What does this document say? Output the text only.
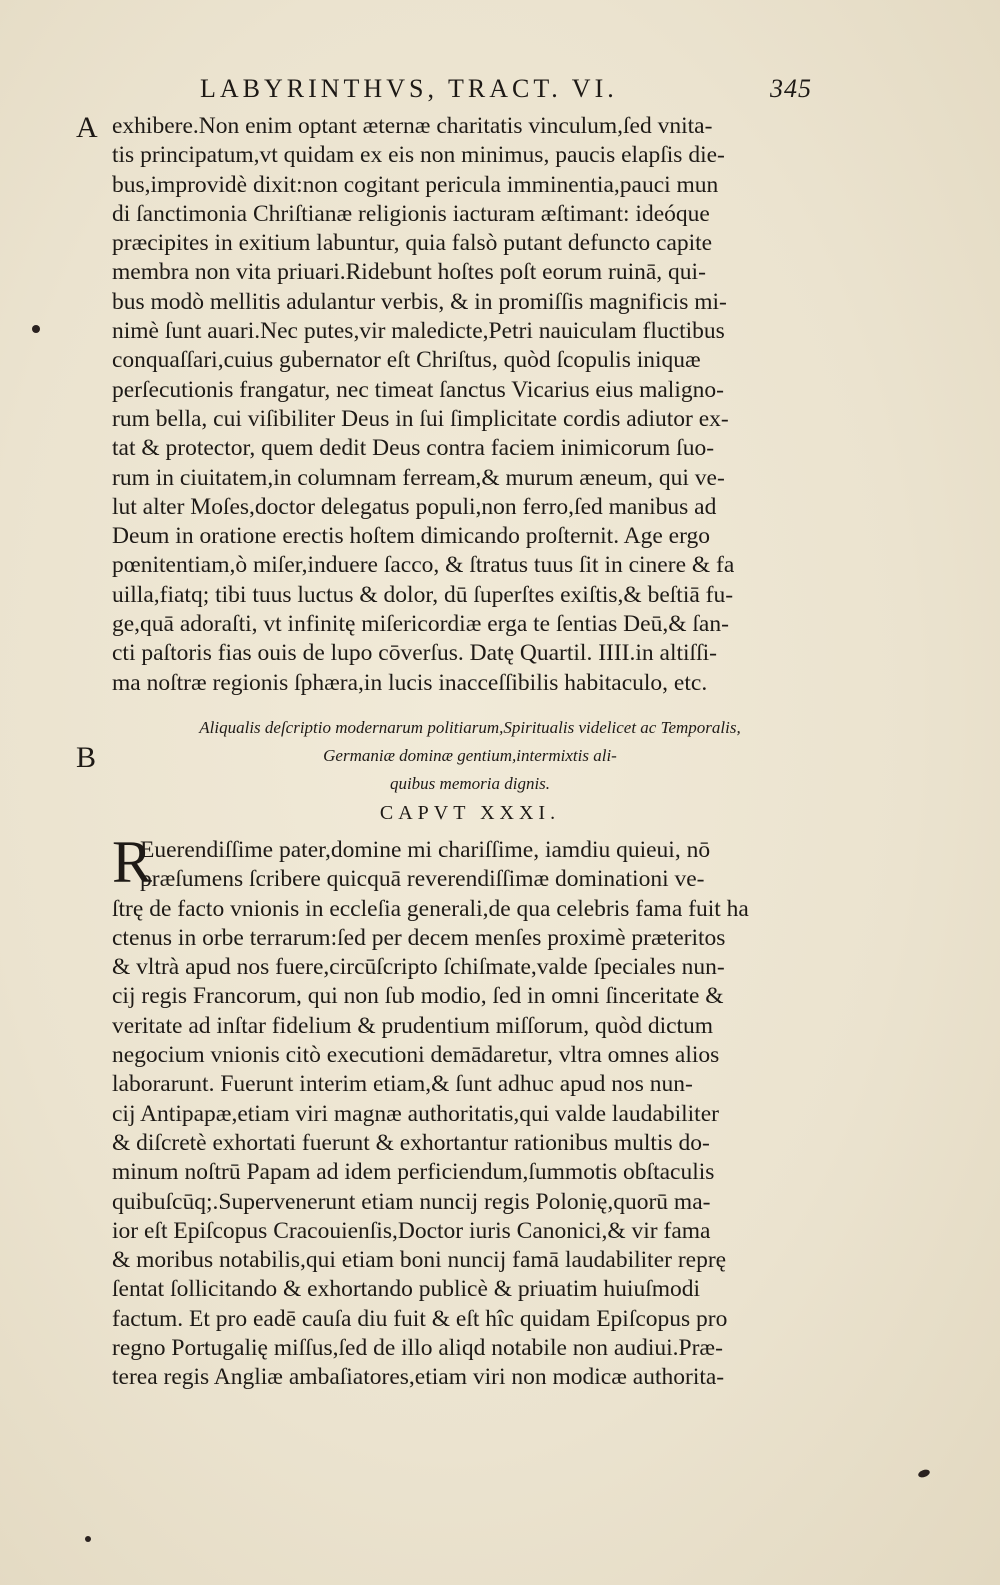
LABYRINTHVS, TRACT. VI.	345
A exhibere.Non enim optant æternæ charitatis vinculum,ſed vnita-
tis principatum,vt quidam ex eis non minimus, paucis elapſis die-
bus,improvidè dixit:non cogitant pericula imminentia,pauci mun
di ſanctimonia Chriſtianæ religionis iacturam æſtimant: ideóque
præcipites in exitium labuntur, quia falsò putant defuncto capite
membra non vita priuari.Ridebunt hoſtes poſt eorum ruinā, qui-
bus modò mellitis adulantur verbis, & in promiſſis magnificis mi-
nimè ſunt auari.Nec putes,vir maledicte,Petri nauiculam fluctibus
conquaſſari,cuius gubernator eſt Chriſtus, quòd ſcopulis iniquæ
perſecutionis frangatur, nec timeat ſanctus Vicarius eius maligno-
rum bella, cui viſibiliter Deus in ſui ſimplicitate cordis adiutor ex-
tat & protector, quem dedit Deus contra faciem inimicorum ſuo-
rum in ciuitatem,in columnam ferream,& murum æneum, qui ve-
lut alter Moſes,doctor delegatus populi,non ferro,ſed manibus ad
Deum in oratione erectis hoſtem dimicando proſternit. Age ergo
pœnitentiam,ò miſer,induere ſacco, & ſtratus tuus ſit in cinere & fa
uilla,fiatq; tibi tuus luctus & dolor, dū ſuperſtes exiſtis,& beſtiā fu-
ge,quā adoraſti, vt infinitę miſericordiæ erga te ſentias Deū,& ſan-
cti paſtoris fias ouis de lupo cōverſus. Datę Quartil. IIII.in altiſſi-
ma noſtræ regionis ſphæra,in lucis inacceſſibilis habitaculo, etc.
B
Aliqualis deſcriptio modernarum politiarum,Spiritualis videlicet ac Temporalis,
Germaniæ dominæ gentium,intermixtis ali-
quibus memoria dignis.
CAPVT XXXI.
R
Euerendiſſime pater,domine mi chariſſime, iamdiu quieui, nō
præſumens ſcribere quicquā reverendiſſimæ dominationi ve-
ſtrę de facto vnionis in eccleſia generali,de qua celebris fama fuit ha
ctenus in orbe terrarum:ſed per decem menſes proximè præteritos
& vltrà apud nos fuere,circūſcripto ſchiſmate,valde ſpeciales nun-
cij regis Francorum, qui non ſub modio, ſed in omni ſinceritate &
veritate ad inſtar fidelium & prudentium miſſorum, quòd dictum
negocium vnionis citò executioni demādaretur, vltra omnes alios
laborarunt. Fuerunt interim etiam,& ſunt adhuc apud nos nun-
cij Antipapæ,etiam viri magnæ authoritatis,qui valde laudabiliter
& diſcretè exhortati fuerunt & exhortantur rationibus multis do-
minum noſtrū Papam ad idem perficiendum,ſummotis obſtaculis
quibuſcūq;.Supervenerunt etiam nuncij regis Polonię,quorū ma-
ior eſt Epiſcopus Cracouienſis,Doctor iuris Canonici,& vir fama
& moribus notabilis,qui etiam boni nuncij famā laudabiliter reprę
ſentat ſollicitando & exhortando publicè & priuatim huiuſmodi
factum. Et pro eadē cauſa diu fuit & eſt hîc quidam Epiſcopus pro
regno Portugalię miſſus,ſed de illo aliqd notabile non audiui.Præ-
terea regis Angliæ ambaſiatores,etiam viri non modicæ authorita-
